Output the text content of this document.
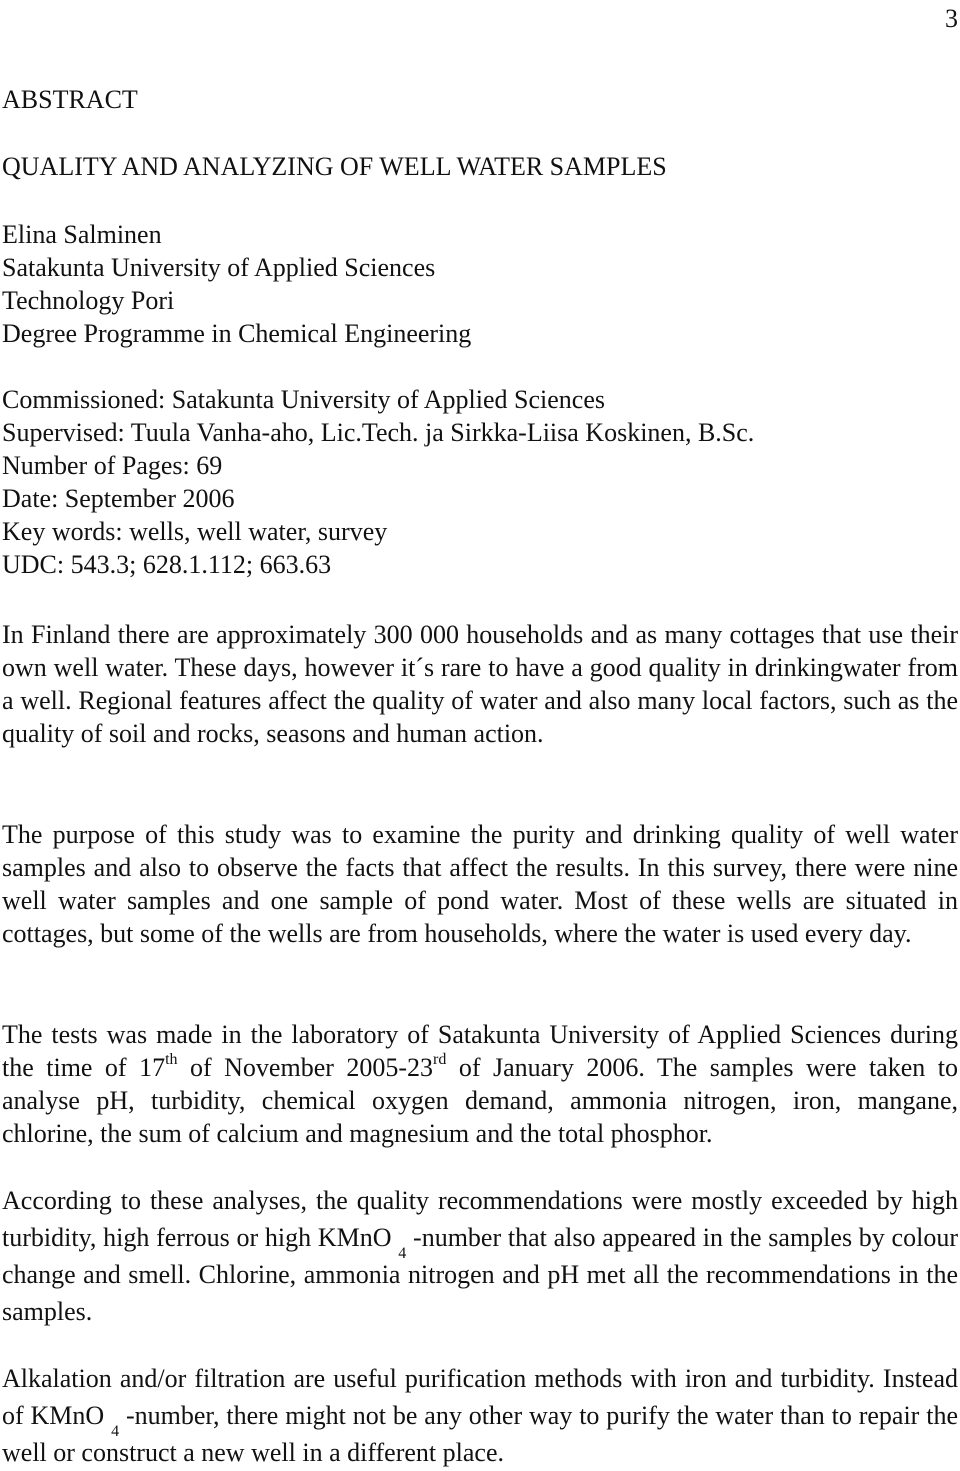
3
ABSTRACT
QUALITY AND ANALYZING OF WELL WATER SAMPLES
Elina Salminen
Satakunta University of Applied Sciences
Technology Pori
Degree Programme in Chemical Engineering
Commissioned: Satakunta University of Applied Sciences
Supervised: Tuula Vanha-aho, Lic.Tech. ja Sirkka-Liisa Koskinen, B.Sc.
Number of Pages: 69
Date: September 2006
Key words: wells, well water, survey
UDC: 543.3; 628.1.112; 663.63

In Finland there are approximately 300 000 households and as many cottages that use their own well water. These days, however it´s rare to have a good quality in drinkingwater from a well. Regional features affect the quality of water and also many local factors, such as the quality of soil and rocks, seasons and human action.

The purpose of this study was to examine the purity and drinking quality of well water samples and also to observe the facts that affect the results. In this survey, there were nine well water samples and one sample of pond water. Most of these wells are situated in cottages, but some of the wells are from households, where the water is used every day.

The tests was made in the laboratory of Satakunta University of Applied Sciences during the time of 17th of November 2005-23rd of January 2006. The samples were taken to analyse pH, turbidity, chemical oxygen demand, ammonia nitrogen, iron, mangane, chlorine, the sum of calcium and magnesium and the total phosphor.

According to these analyses, the quality recommendations were mostly exceeded by high turbidity, high ferrous or high KMnO $_4$ -number that also appeared in the samples by colour change and smell. Chlorine, ammonia nitrogen and pH met all the recommendations in the samples.

Alkalation and/or filtration are useful purification methods with iron and turbidity. Instead of KMnO $_4$ -number, there might not be any other way to purify the water than to repair the well or construct a new well in a different place.
